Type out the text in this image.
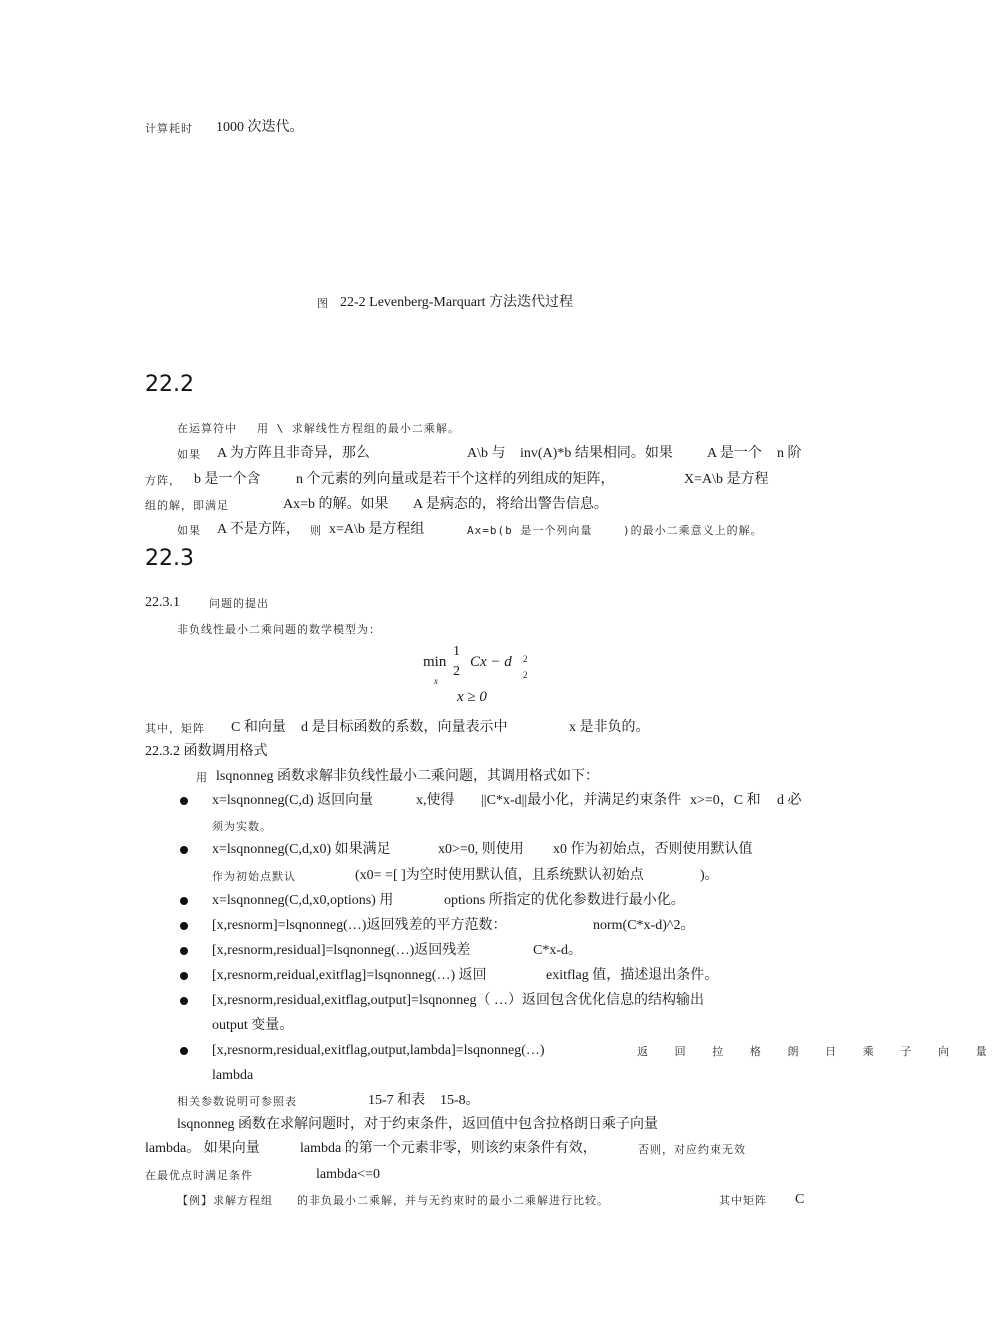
计算耗时 1000 次迭代。
图 22-2 Levenberg-Marquart 方法迭代过程
22.2
在运算符中 用 \ 求解线性方程组的最小二乘解。
如果 A 为方阵且非奇异，那么	A\b 与 inv(A)*b 结果相同。如果 A 是一个 n 阶
方阵， b 是一个含	n 个元素的列向量或是若干个这样的列组成的矩阵，	X=A\b 是方程
组的解，即满足	Ax=b 的解。如果 A 是病态的，将给出警告信息。
如果 A 不是方阵， 则 x=A\b 是方程组	Ax=b(b 是一个列向量	)的最小二乘意义上的解。
22.3
22.3.1	问题的提出
非负线性最小二乘问题的数学模型为：
min
x
1
2
Cx − d 2
2
x ≥ 0
其中，矩阵 C 和向量 d 是目标函数的系数，向量表示中	x 是非负的。
22.3.2 函数调用格式
用 lsqnonneg 函数求解非负线性最小二乘问题，其调用格式如下：
x=lsqnonneg(C,d) 返回向量	x,使得 ||C*x-d||最小化，并满足约束条件 x>=0，C 和 d 必
须为实数。
x=lsqnonneg(C,d,x0) 如果满足	x0>=0, 则使用 x0 作为初始点，否则使用默认值
作为初始点默认	(x0= =[ ]为空时使用默认值，且系统默认初始点	)。
x=lsqnonneg(C,d,x0,options) 用	options 所指定的优化参数进行最小化。
[x,resnorm]=lsqnonneg(…)返回残差的平方范数：	norm(C*x-d)^2。
[x,resnorm,residual]=lsqnonneg(…)返回残差	C*x-d。
[x,resnorm,reidual,exitflag]=lsqnonneg(…) 返回	exitflag 值，描述退出条件。
[x,resnorm,residual,exitflag,output]=lsqnonneg（ …）返回包含优化信息的结构输出
output 变量。
[x,resnorm,residual,exitflag,output,lambda]=lsqnonneg(…)	返 回 拉 格 朗 日 乘 子 向 量
lambda
相关参数说明可参照表	15-7 和表 15-8。
lsqnonneg 函数在求解问题时，对于约束条件，返回值中包含拉格朗日乘子向量
lambda。 如果向量	lambda 的第一个元素非零，则该约束条件有效，	否则，对应约束无效
在最优点时满足条件	lambda<=0
【例】求解方程组 的非负最小二乘解，并与无约束时的最小二乘解进行比较。	其中矩阵 C
